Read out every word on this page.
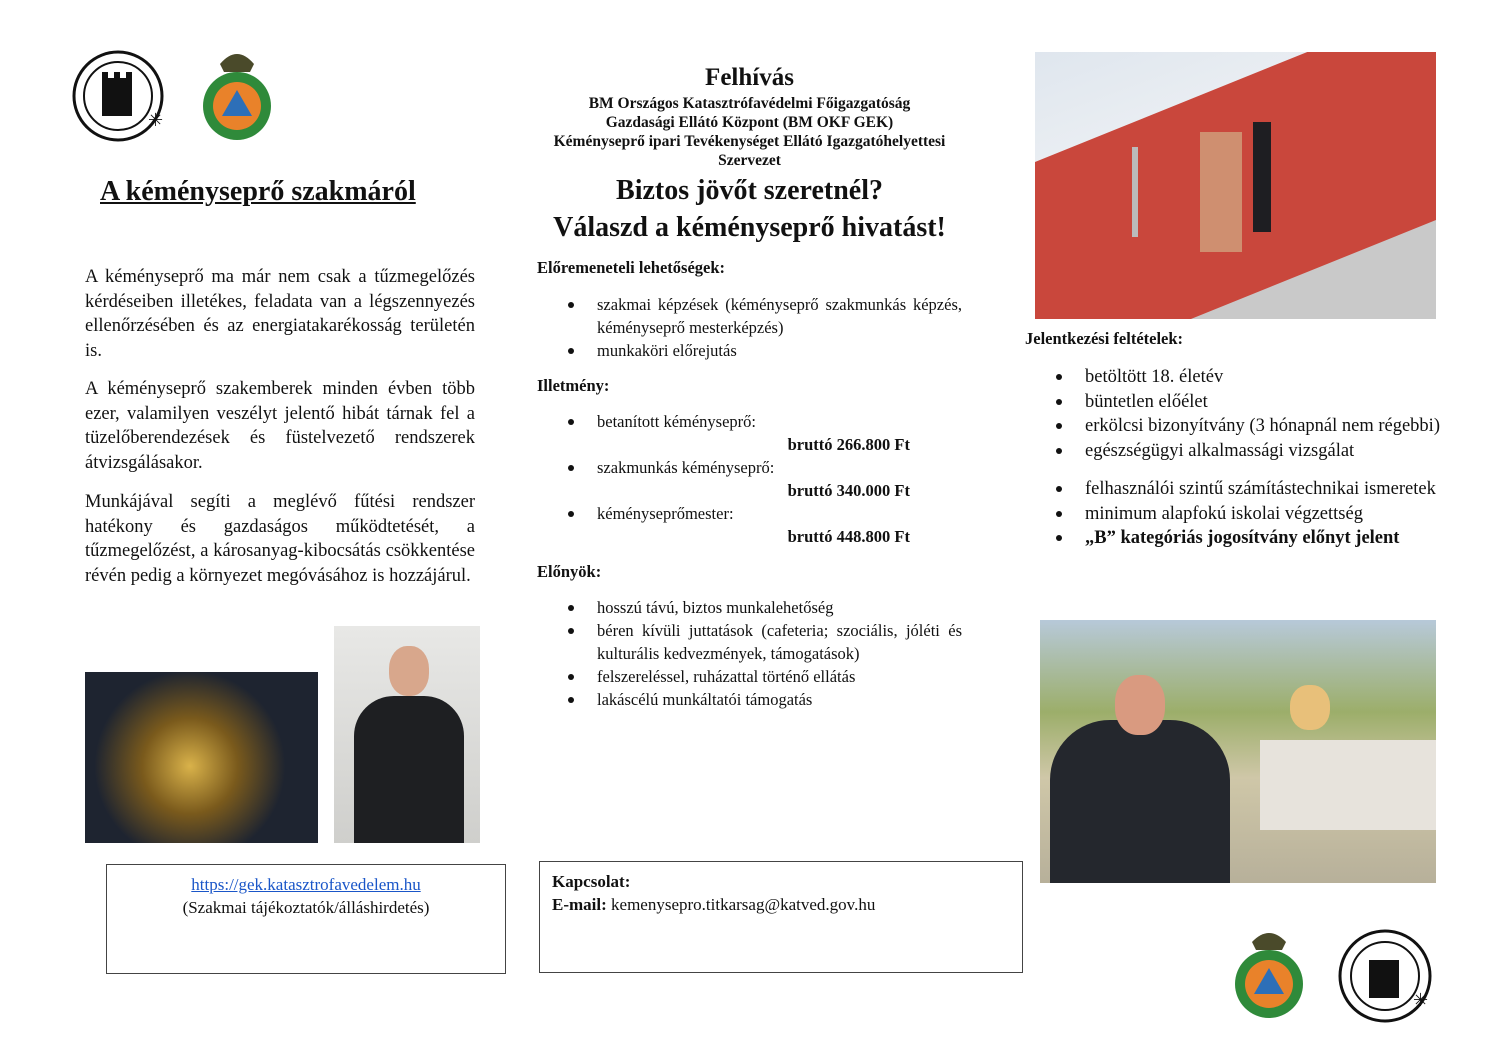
✳
✳
A kéményseprő szakmáról

A kéményseprő ma már nem csak a tűzmegelőzés kérdéseiben illetékes, feladata van a légszennyezés ellenőrzésében és az energiatakarékosság területén is.

A kéményseprő szakemberek minden évben több ezer, valamilyen veszélyt jelentő hibát tárnak fel a tüzelőberendezések és füstelvezető rendszerek átvizsgálásakor.

Munkájával segíti a meglévő fűtési rendszer hatékony és gazdaságos működtetését, a tűzmegelőzést, a károsanyag-kibocsátás csökkentése révén pedig a környezet megóvásához is hozzájárul.

https://gek.katasztrofavedelem.hu
(Szakmai tájékoztatók/álláshirdetés)
Felhívás
BM Országos Katasztrófavédelmi Főigazgatóság
Gazdasági Ellátó Központ (BM OKF GEK)
Kéményseprő ipari Tevékenységet Ellátó Igazgatóhelyettesi Szervezet
Biztos jövőt szeretnél?
Válaszd a kéményseprő hivatást!
Előremeneteli lehetőségek:
szakmai képzések (kéményseprő szakmunkás képzés, kéményseprő mesterképzés)
munkaköri előrejutás
Illetmény:
betanított kéményseprő:
bruttó 266.800 Ft
szakmunkás kéményseprő:
bruttó 340.000 Ft
kéményseprőmester:
bruttó 448.800 Ft
Előnyök:
hosszú távú, biztos munkalehetőség
béren kívüli juttatások (cafeteria; szociális, jóléti és kulturális kedvezmények, támogatások)
felszereléssel, ruházattal történő ellátás
lakáscélú munkáltatói támogatás
Kapcsolat:
E-mail: kemenysepro.titkarsag@katved.gov.hu
Jelentkezési feltételek:
betöltött 18. életév
büntetlen előélet
erkölcsi bizonyítvány (3 hónapnál nem régebbi)
egészségügyi alkalmassági vizsgálat
felhasználói szintű számítástechnikai ismeretek
minimum alapfokú iskolai végzettség
„B” kategóriás jogosítvány előnyt jelent
